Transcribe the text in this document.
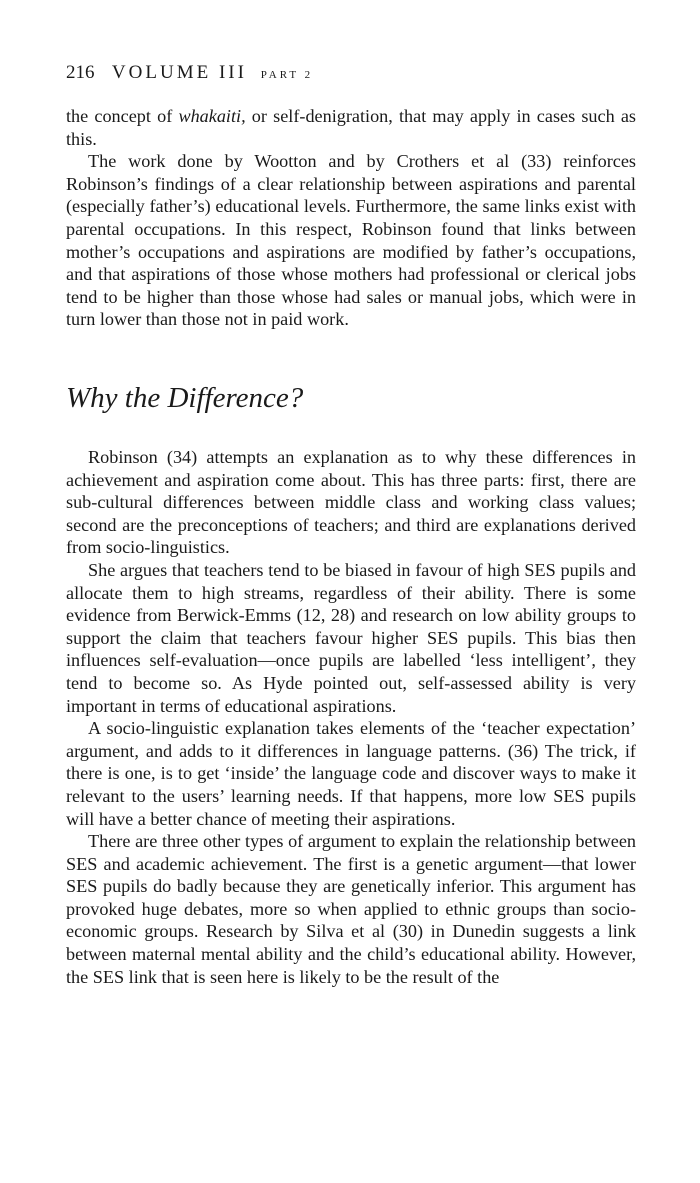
216 VOLUME III PART 2

the concept of whakaiti, or self-denigration, that may apply in cases such as this.

The work done by Wootton and by Crothers et al (33) reinforces Robinson’s findings of a clear relationship between aspirations and parental (especially father’s) educational levels. Furthermore, the same links exist with parental occupations. In this respect, Robinson found that links between mother’s occupations and aspirations are modified by father’s occupations, and that aspirations of those whose mothers had professional or clerical jobs tend to be higher than those whose had sales or manual jobs, which were in turn lower than those not in paid work.

Why the Difference?

Robinson (34) attempts an explanation as to why these differences in achievement and aspiration come about. This has three parts: first, there are sub-cultural differences between middle class and working class values; second are the preconceptions of teachers; and third are explanations derived from socio-linguistics.

She argues that teachers tend to be biased in favour of high SES pupils and allocate them to high streams, regardless of their ability. There is some evidence from Berwick-Emms (12, 28) and research on low ability groups to support the claim that teachers favour higher SES pupils. This bias then influences self-evaluation—once pupils are labelled ‘less intelligent’, they tend to become so. As Hyde pointed out, self-assessed ability is very important in terms of educational aspirations.

A socio-linguistic explanation takes elements of the ‘teacher expectation’ argument, and adds to it differences in language patterns. (36) The trick, if there is one, is to get ‘inside’ the language code and discover ways to make it relevant to the users’ learning needs. If that happens, more low SES pupils will have a better chance of meeting their aspirations.

There are three other types of argument to explain the relationship between SES and academic achievement. The first is a genetic argument—that lower SES pupils do badly because they are genetically inferior. This argument has provoked huge debates, more so when applied to ethnic groups than socio-economic groups. Research by Silva et al (30) in Dunedin suggests a link between maternal mental ability and the child’s educational ability. However, the SES link that is seen here is likely to be the result of the
